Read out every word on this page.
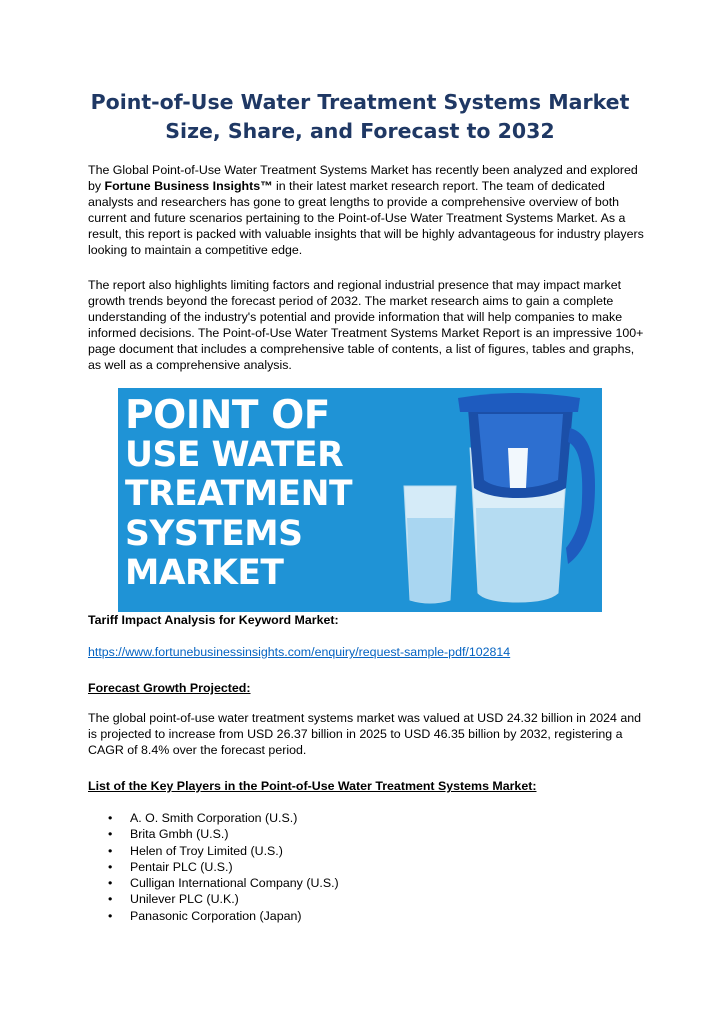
Point-of-Use Water Treatment Systems Market Size, Share, and Forecast to 2032

The Global Point-of-Use Water Treatment Systems Market has recently been analyzed and explored by Fortune Business Insights™ in their latest market research report. The team of dedicated analysts and researchers has gone to great lengths to provide a comprehensive overview of both current and future scenarios pertaining to the Point-of-Use Water Treatment Systems Market. As a result, this report is packed with valuable insights that will be highly advantageous for industry players looking to maintain a competitive edge.

The report also highlights limiting factors and regional industrial presence that may impact market growth trends beyond the forecast period of 2032. The market research aims to gain a complete understanding of the industry's potential and provide information that will help companies to make informed decisions. The Point-of-Use Water Treatment Systems Market Report is an impressive 100+ page document that includes a comprehensive table of contents, a list of figures, tables and graphs, as well as a comprehensive analysis.

POINT OF
USE WATER
TREATMENT
SYSTEMS
MARKET

Tariff Impact Analysis for Keyword Market:

https://www.fortunebusinessinsights.com/enquiry/request-sample-pdf/102814

Forecast Growth Projected:

The global point-of-use water treatment systems market was valued at USD 24.32 billion in 2024 and is projected to increase from USD 26.37 billion in 2025 to USD 46.35 billion by 2032, registering a CAGR of 8.4% over the forecast period.

List of the Key Players in the Point-of-Use Water Treatment Systems Market:

• A. O. Smith Corporation (U.S.)
• Brita Gmbh (U.S.)
• Helen of Troy Limited (U.S.)
• Pentair PLC (U.S.)
• Culligan International Company (U.S.)
• Unilever PLC (U.K.)
• Panasonic Corporation (Japan)
